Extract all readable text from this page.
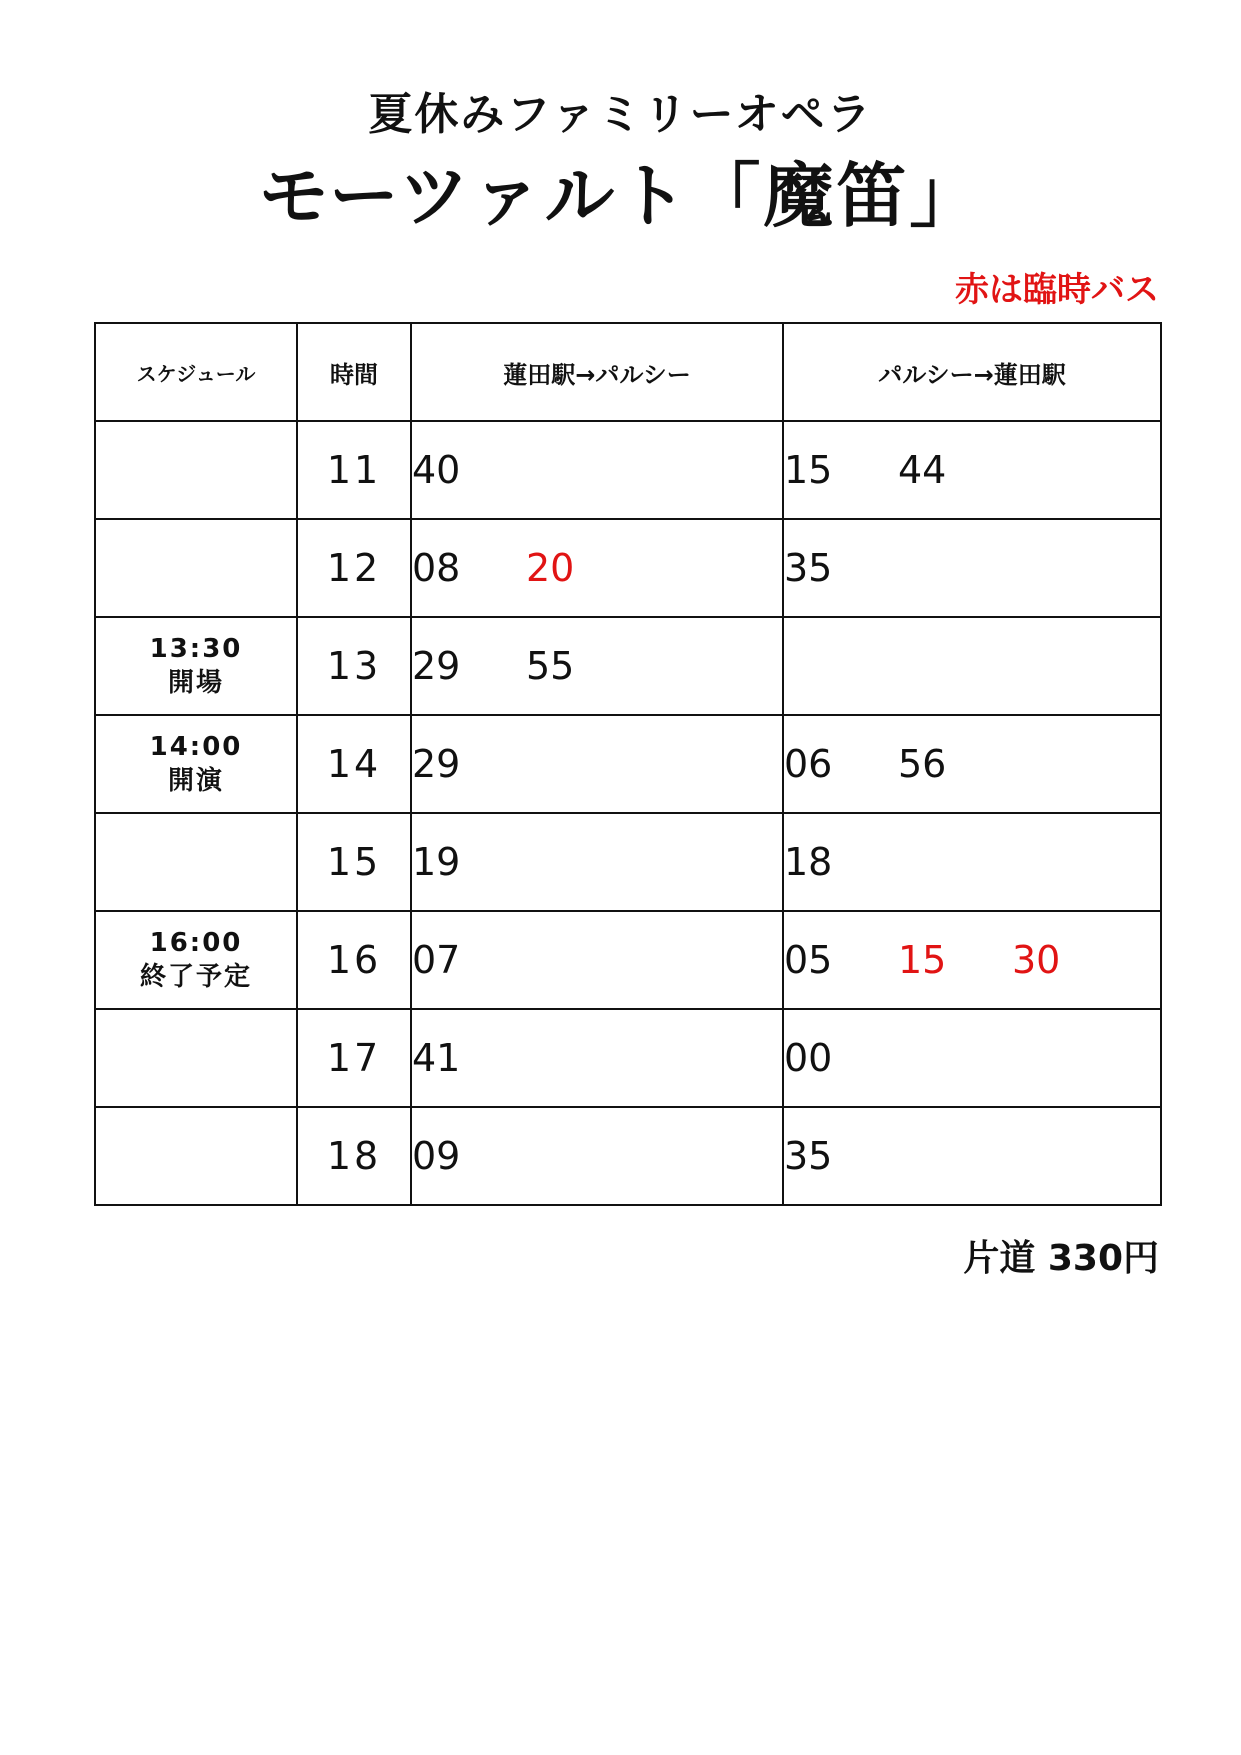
夏休みファミリーオペラ
モーツァルト「魔笛」
赤は臨時バス
スケジュール	時間	蓮田駅→パルシー	パルシー→蓮田駅

	11	40	15 44

	12	08 20	35

13:30
開場	13	29 55	

14:00
開演	14	29	06 56

	15	19	18

16:00
終了予定	16	07	05 15 30

	17	41	00

	18	09	35
片道 330円
